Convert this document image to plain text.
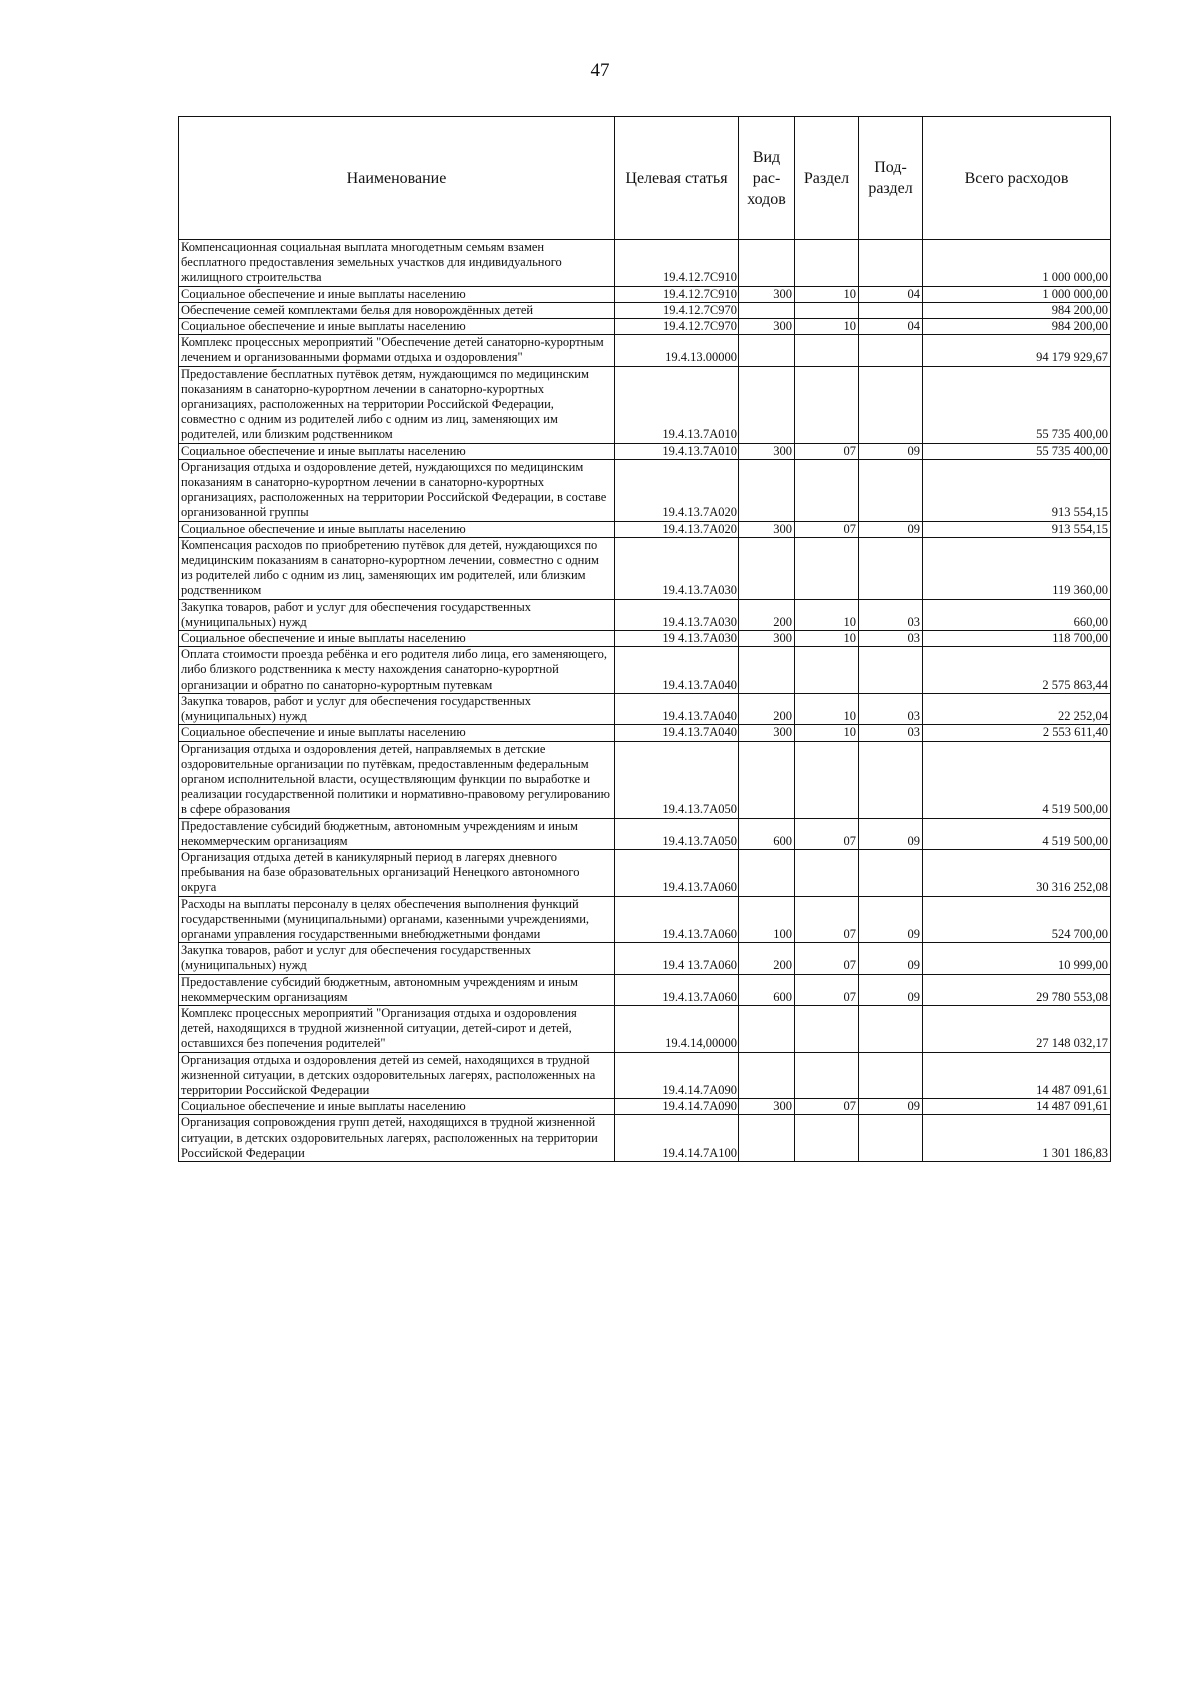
47
Наименование	Целевая статья	Вид рас-ходов	Раздел	Под-раздел	Всего расходов
Компенсационная социальная выплата многодетным семьям взамен бесплатного предоставления земельных участков для индивидуального жилищного строительства	19.4.12.7С910				1 000 000,00
Социальное обеспечение и иные выплаты населению	19.4.12.7С910	300	10	04	1 000 000,00
Обеспечение семей комплектами белья для новорождённых детей	19.4.12.7С970				984 200,00
Социальное обеспечение и иные выплаты населению	19.4.12.7С970	300	10	04	984 200,00
Комплекс процессных мероприятий "Обеспечение детей санаторно-курортным лечением и организованными формами отдыха и оздоровления"	19.4.13.00000				94 179 929,67
Предоставление бесплатных путёвок детям, нуждающимся по медицинским показаниям в санаторно-курортном лечении в санаторно-курортных организациях, расположенных на территории Российской Федерации, совместно с одним из родителей либо с одним из лиц, заменяющих им родителей, или близким родственником	19.4.13.7А010				55 735 400,00
Социальное обеспечение и иные выплаты населению	19.4.13.7А010	300	07	09	55 735 400,00
Организация отдыха и оздоровление детей, нуждающихся по медицинским показаниям в санаторно-курортном лечении в санаторно-курортных организациях, расположенных на территории Российской Федерации, в составе организованной группы	19.4.13.7А020				913 554,15
Социальное обеспечение и иные выплаты населению	19.4.13.7А020	300	07	09	913 554,15
Компенсация расходов по приобретению путёвок для детей, нуждающихся по медицинским показаниям в санаторно-курортном лечении, совместно с одним из родителей либо с одним из лиц, заменяющих им родителей, или близким родственником	19.4.13.7А030				119 360,00
Закупка товаров, работ и услуг для обеспечения государственных (муниципальных) нужд	19.4.13.7А030	200	10	03	660,00
Социальное обеспечение и иные выплаты населению	19 4.13.7А030	300	10	03	118 700,00
Оплата стоимости проезда ребёнка и его родителя либо лица, его заменяющего, либо близкого родственника к месту нахождения санаторно-курортной организации и обратно по санаторно-курортным путевкам	19.4.13.7А040				2 575 863,44
Закупка товаров, работ и услуг для обеспечения государственных (муниципальных) нужд	19.4.13.7А040	200	10	03	22 252,04
Социальное обеспечение и иные выплаты населению	19.4.13.7А040	300	10	03	2 553 611,40
Организация отдыха и оздоровления детей, направляемых в детские оздоровительные организации по путёвкам, предоставленным федеральным органом исполнительной власти, осуществляющим функции по выработке и реализации государственной политики и нормативно-правовому регулированию в сфере образования	19.4.13.7А050				4 519 500,00
Предоставление субсидий бюджетным, автономным учреждениям и иным некоммерческим организациям	19.4.13.7А050	600	07	09	4 519 500,00
Организация отдыха детей в каникулярный период в лагерях дневного пребывания на базе образовательных организаций Ненецкого автономного округа	19.4.13.7А060				30 316 252,08
Расходы на выплаты персоналу в целях обеспечения выполнения функций государственными (муниципальными) органами, казенными учреждениями, органами управления государственными внебюджетными фондами	19.4.13.7А060	100	07	09	524 700,00
Закупка товаров, работ и услуг для обеспечения государственных (муниципальных) нужд	19.4 13.7А060	200	07	09	10 999,00
Предоставление субсидий бюджетным, автономным учреждениям и иным некоммерческим организациям	19.4.13.7А060	600	07	09	29 780 553,08
Комплекс процессных мероприятий "Организация отдыха и оздоровления детей, находящихся в трудной жизненной ситуации, детей-сирот и детей, оставшихся без попечения родителей"	19.4.14,00000				27 148 032,17
Организация отдыха и оздоровления детей из семей, находящихся в трудной жизненной ситуации, в детских оздоровительных лагерях, расположенных на территории Российской Федерации	19.4.14.7А090				14 487 091,61
Социальное обеспечение и иные выплаты населению	19.4.14.7А090	300	07	09	14 487 091,61
Организация сопровождения групп детей, находящихся в трудной жизненной ситуации, в детских оздоровительных лагерях, расположенных на территории Российской Федерации	19.4.14.7А100				1 301 186,83
